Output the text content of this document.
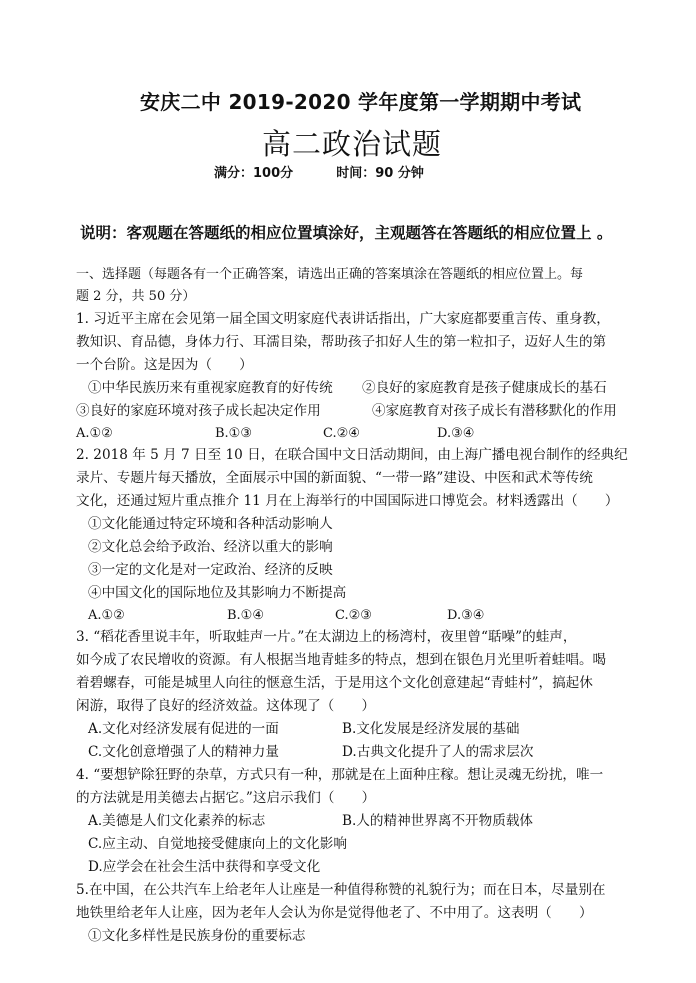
安庆二中 2019-2020 学年度第一学期期中考试
高二政治试题
满分：100分	时间：90 分钟
说明：客观题在答题纸的相应位置填涂好，主观题答在答题纸的相应位置上 。
一、选择题（每题各有一个正确答案，请选出正确的答案填涂在答题纸的相应位置上。每
题 2 分，共 50 分）
1. 习近平主席在会见第一届全国文明家庭代表讲话指出，广大家庭都要重言传、重身教，
教知识、育品德，身体力行、耳濡目染，帮助孩子扣好人生的第一粒扣子，迈好人生的第
一个台阶。这是因为（　　）
①中华民族历来有重视家庭教育的好传统 ②良好的家庭教育是孩子健康成长的基石
③良好的家庭环境对孩子成长起决定作用	④家庭教育对孩子成长有潜移默化的作用
A.①②	B.①③	C.②④	D.③④
2. 2018 年 5 月 7 日至 10 日，在联合国中文日活动期间，由上海广播电视台制作的经典纪
录片、专题片每天播放，全面展示中国的新面貌、“一带一路”建设、中医和武术等传统
文化，还通过短片重点推介 11 月在上海举行的中国国际进口博览会。材料透露出（　　）
①文化能通过特定环境和各种活动影响人
②文化总会给予政治、经济以重大的影响
③一定的文化是对一定政治、经济的反映
④中国文化的国际地位及其影响力不断提高
A.①②	B.①④	C.②③	D.③④
3. “稻花香里说丰年，听取蛙声一片。”在太湖边上的杨湾村，夜里曾“聒噪”的蛙声，
如今成了农民增收的资源。有人根据当地青蛙多的特点，想到在银色月光里听着蛙唱。喝
着碧螺春，可能是城里人向往的惬意生活，于是用这个文化创意建起“青蛙村”，搞起休
闲游，取得了良好的经济效益。这体现了（　　）
A.文化对经济发展有促进的一面	B.文化发展是经济发展的基础
C.文化创意增强了人的精神力量	D.古典文化提升了人的需求层次
4. “要想铲除狂野的杂草，方式只有一种，那就是在上面种庄稼。想让灵魂无纷扰，唯一
的方法就是用美德去占据它。”这启示我们（　　）
A.美德是人们文化素养的标志	B.人的精神世界离不开物质载体
C.应主动、自觉地接受健康向上的文化影响
D.应学会在社会生活中获得和享受文化
5.在中国，在公共汽车上给老年人让座是一种值得称赞的礼貌行为；而在日本，尽量别在
地铁里给老年人让座，因为老年人会认为你是觉得他老了、不中用了。这表明（　　）
①文化多样性是民族身份的重要标志
